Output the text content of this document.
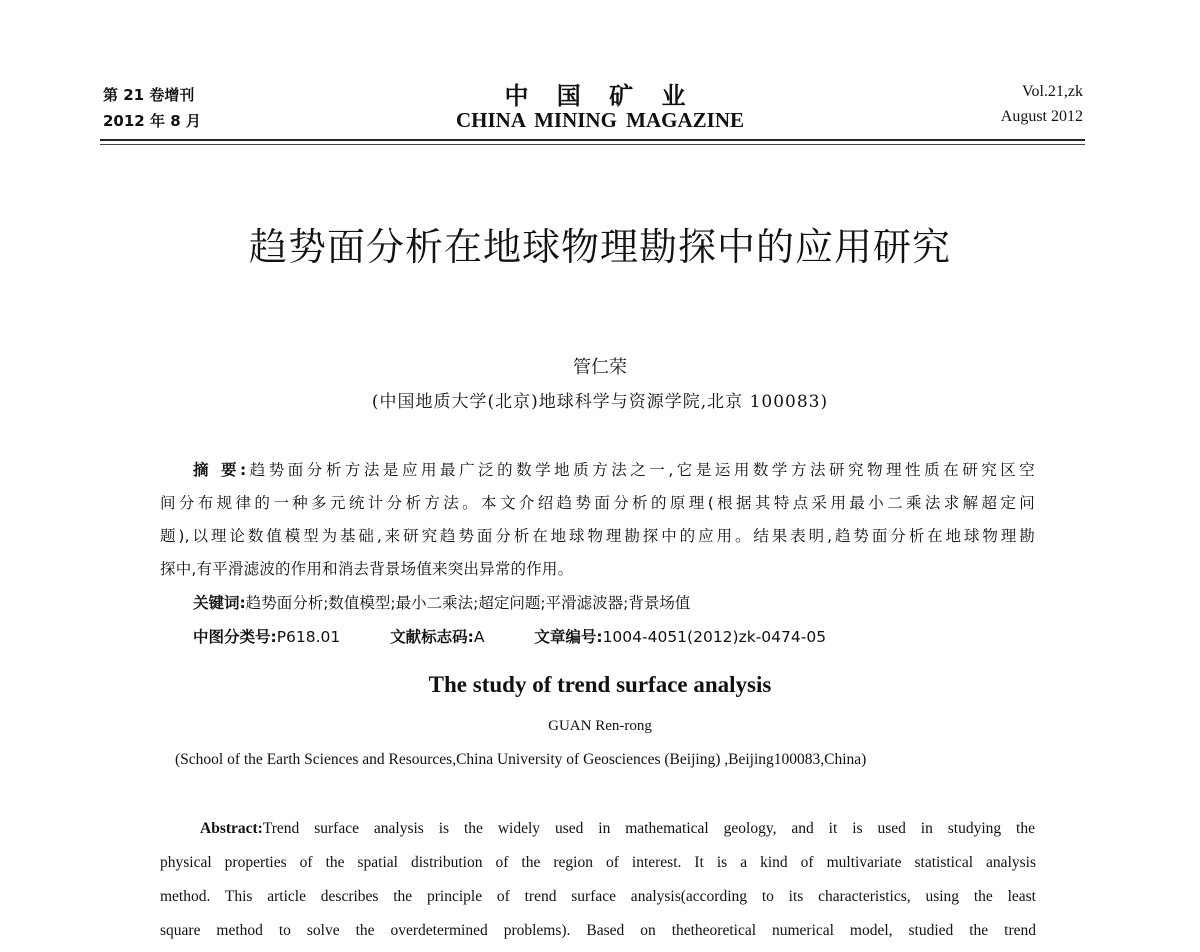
第 21 卷增刊
2012 年 8 月
中 国 矿 业
CHINA MINING MAGAZINE
Vol.21,zk
August 2012
趋势面分析在地球物理勘探中的应用研究
管仁荣
(中国地质大学(北京)地球科学与资源学院,北京 100083)
摘 要:趋势面分析方法是应用最广泛的数学地质方法之一,它是运用数学方法研究物理性质在研究区空
间分布规律的一种多元统计分析方法。本文介绍趋势面分析的原理(根据其特点采用最小二乘法求解超定问
题),以理论数值模型为基础,来研究趋势面分析在地球物理勘探中的应用。结果表明,趋势面分析在地球物理勘
探中,有平滑滤波的作用和消去背景场值来突出异常的作用。
关键词:趋势面分析;数值模型;最小二乘法;超定问题;平滑滤波器;背景场值
中图分类号:P618.01	文献标志码:A	文章编号:1004-4051(2012)zk-0474-05
The study of trend surface analysis
GUAN Ren-rong
(School of the Earth Sciences and Resources,China University of Geosciences (Beijing) ,Beijing100083,China)
Abstract:Trend surface analysis is the widely used in mathematical geology, and it is used in studying the
physical properties of the spatial distribution of the region of interest. It is a kind of multivariate statistical analysis
method. This article describes the principle of trend surface analysis(according to its characteristics, using the least
square method to solve the overdetermined problems). Based on thetheoretical numerical model, studied the trend
